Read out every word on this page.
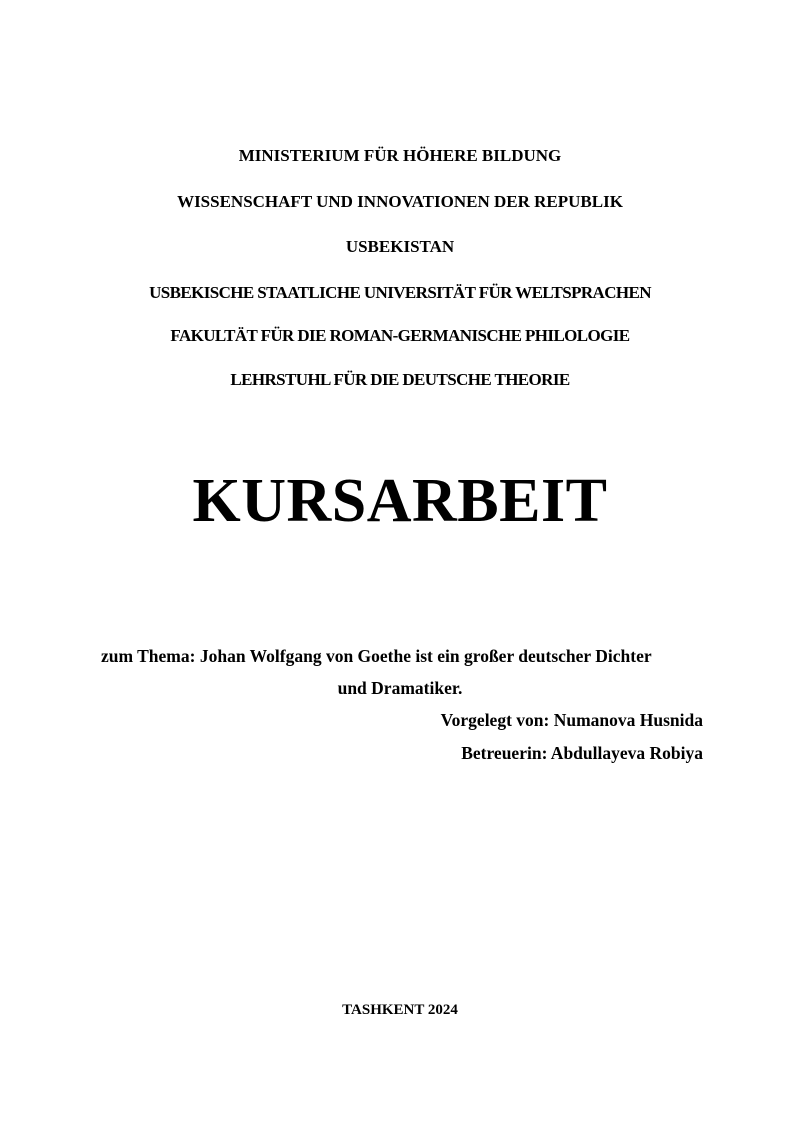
MINISTERIUM FÜR HÖHERE BILDUNG
WISSENSCHAFT UND INNOVATIONEN DER REPUBLIK
USBEKISTAN
USBEKISCHE STAATLICHE UNIVERSITÄT FÜR WELTSPRACHEN
FAKULTÄT FÜR DIE ROMAN-GERMANISCHE PHILOLOGIE
LEHRSTUHL FÜR DIE DEUTSCHE THEORIE
KURSARBEIT
zum Thema: Johan Wolfgang von Goethe ist ein großer deutscher Dichter
und Dramatiker.
Vorgelegt von: Numanova Husnida
Betreuerin: Abdullayeva Robiya
TASHKENT 2024
